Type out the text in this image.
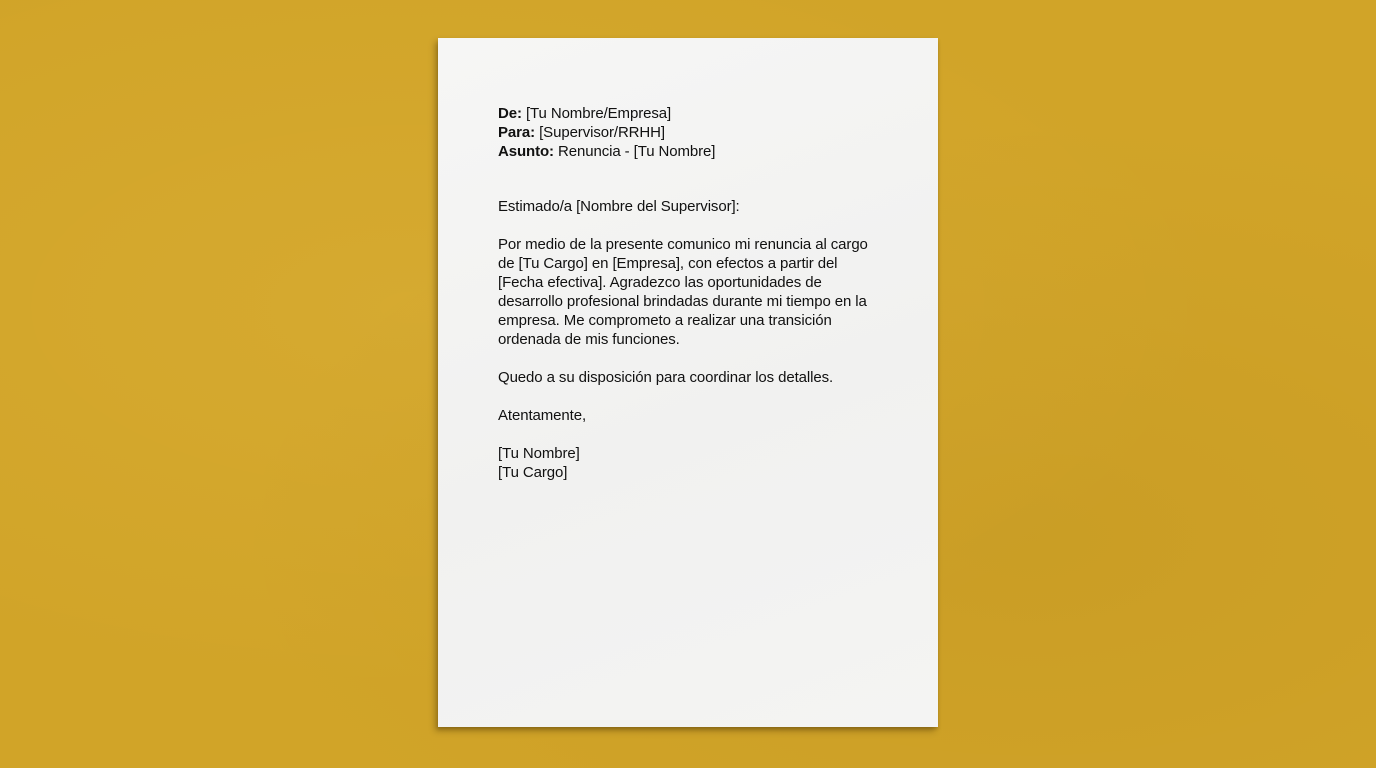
De: [Tu Nombre/Empresa]
Para: [Supervisor/RRHH]
Asunto: Renuncia - [Tu Nombre]
Estimado/a [Nombre del Supervisor]:
Por medio de la presente comunico mi renuncia al cargo de [Tu Cargo] en [Empresa], con efectos a partir del [Fecha efectiva]. Agradezco las oportunidades de desarrollo profesional brindadas durante mi tiempo en la empresa. Me comprometo a realizar una transición ordenada de mis funciones.
Quedo a su disposición para coordinar los detalles.
Atentamente,
[Tu Nombre]
[Tu Cargo]
